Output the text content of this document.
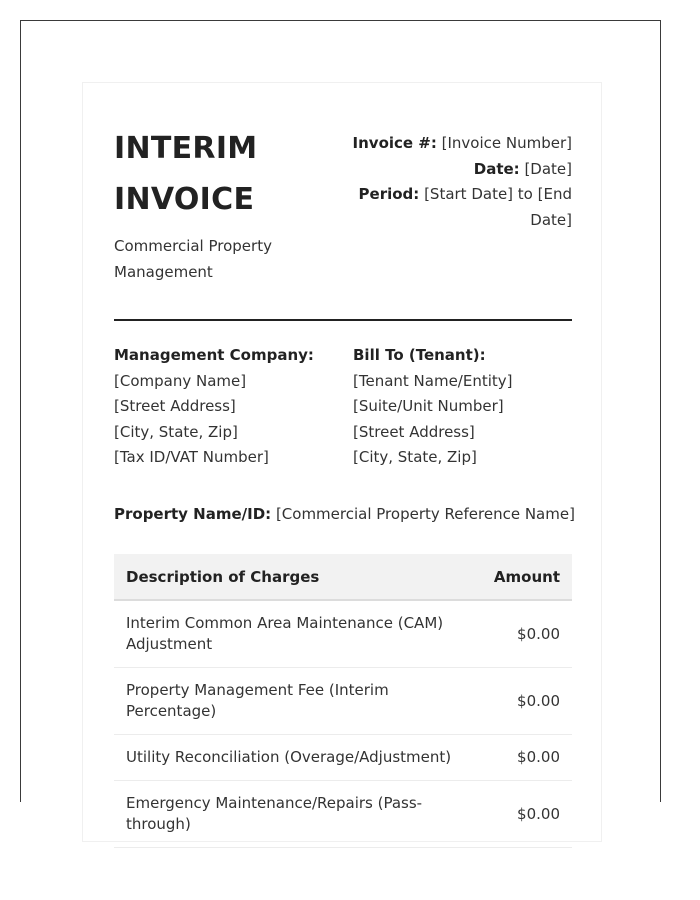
INTERIM
INVOICE
Commercial Property
Management
Invoice #: [Invoice Number]
Date: [Date]
Period: [Start Date] to [End Date]
Management Company:
[Company Name]
[Street Address]
[City, State, Zip]
[Tax ID/VAT Number]
Bill To (Tenant):
[Tenant Name/Entity]
[Suite/Unit Number]
[Street Address]
[City, State, Zip]
Property Name/ID: [Commercial Property Reference Name]
Description of Charges	Amount
Interim Common Area Maintenance (CAM) Adjustment	$0.00
Property Management Fee (Interim Percentage)	$0.00
Utility Reconciliation (Overage/Adjustment)	$0.00
Emergency Maintenance/Repairs (Pass-through)	$0.00
